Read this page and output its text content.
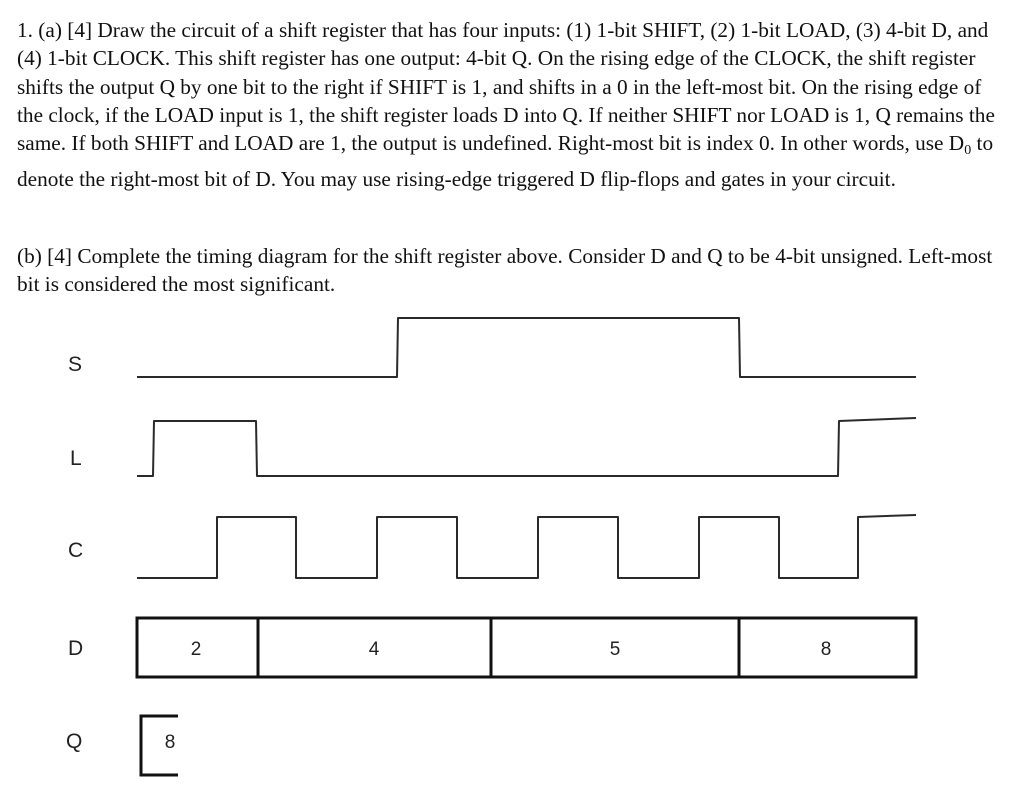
1. (a) [4] Draw the circuit of a shift register that has four inputs: (1) 1-bit SHIFT, (2) 1-bit LOAD, (3) 4-bit D, and (4) 1-bit CLOCK. This shift register has one output: 4-bit Q. On the rising edge of the CLOCK, the shift register shifts the output Q by one bit to the right if SHIFT is 1, and shifts in a 0 in the left-most bit. On the rising edge of the clock, if the LOAD input is 1, the shift register loads D into Q. If neither SHIFT nor LOAD is 1, Q remains the same. If both SHIFT and LOAD are 1, the output is undefined. Right-most bit is index 0. In other words, use $D_0$ to denote the right-most bit of D. You may use rising-edge triggered D flip-flops and gates in your circuit.

(b) [4] Complete the timing diagram for the shift register above. Consider D and Q to be 4-bit unsigned. Left-most bit is considered the most significant.

S
L
C
D
Q
2	4	5	8
8
